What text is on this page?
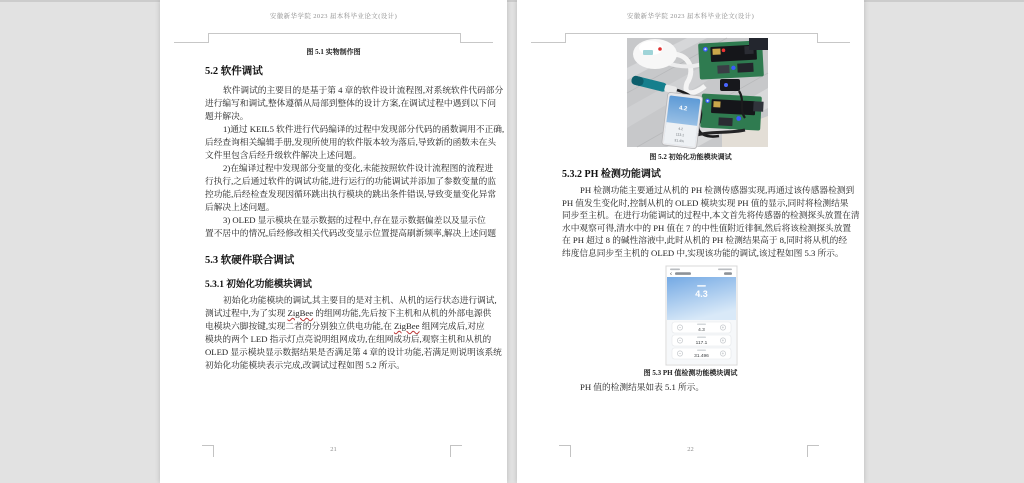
安徽新华学院 2023 届本科毕业论文(设计)
图 5.1 实物制作图
5.2 软件调试
软件调试的主要目的是基于第 4 章的软件设计流程图,对系统软件代码部分
进行编写和调试,整体遵循从局部到整体的设计方案,在调试过程中遇到以下问
题并解决。
1)通过 KEIL5 软件进行代码编译的过程中发现部分代码的函数调用不正确,
后经查询相关编辑手册,发现所使用的软件版本较为落后,导致新的函数未在头
文件里包含后经升级软件解决上述问题。
2)在编译过程中发现部分变量的变化,未能按照软件设计流程图的流程进
行执行,之后通过软件的调试功能,进行运行的功能调试并添加了参数变量的监
控功能,后经检查发现因循环跳出执行模块的跳出条件错误,导致变量变化异常
后解决上述问题。
3) OLED 显示模块在显示数据的过程中,存在显示数据偏差以及显示位
置不居中的情况,后经修改相关代码改变显示位置提高刷新频率,解决上述问题
5.3 软硬件联合调试
5.3.1 初始化功能模块调试
初始化功能模块的调试,其主要目的是对主机、从机的运行状态进行调试,
测试过程中,为了实现 ZigBee 的组网功能,先后按下主机和从机的外部电源供
电模块六脚按键,实现二者的分别独立供电功能,在 ZigBee 组网完成后,对应
模块的两个 LED 指示灯点亮说明组网成功,在组网成功后,观察主机和从机的
OLED 显示模块显示数据结果是否满足第 4 章的设计功能,若满足则说明该系统
初始化功能模块表示完成,改调试过程如图 5.2 所示。
21
安徽新华学院 2023 届本科毕业论文(设计)
4.2
4.2
113.1
31.4%
图 5.2 初始化功能模块调试
5.3.2 PH 检测功能调试
PH 检测功能主要通过从机的 PH 检测传感器实现,再通过该传感器检测到
PH 值发生变化时,控制从机的 OLED 模块实现 PH 值的显示,同时将检测结果
同步至主机。在进行功能调试的过程中,本文首先将传感器的检测探头放置在清
水中观察可得,清水中的 PH 值在 7 的中性值附近徘徊,然后将该检测探头放置
在 PH 超过 8 的碱性溶液中,此时从机的 PH 检测结果高于 8,同时将从机的经
纬度信息同步至主机的 OLED 中,实现该功能的调试,该过程如图 5.3 所示。
‹
4.3
−	+
4.3
−	+
117.1
−	+
31.496
图 5.3 PH 值检测功能模块调试
PH 值的检测结果如表 5.1 所示。
22
